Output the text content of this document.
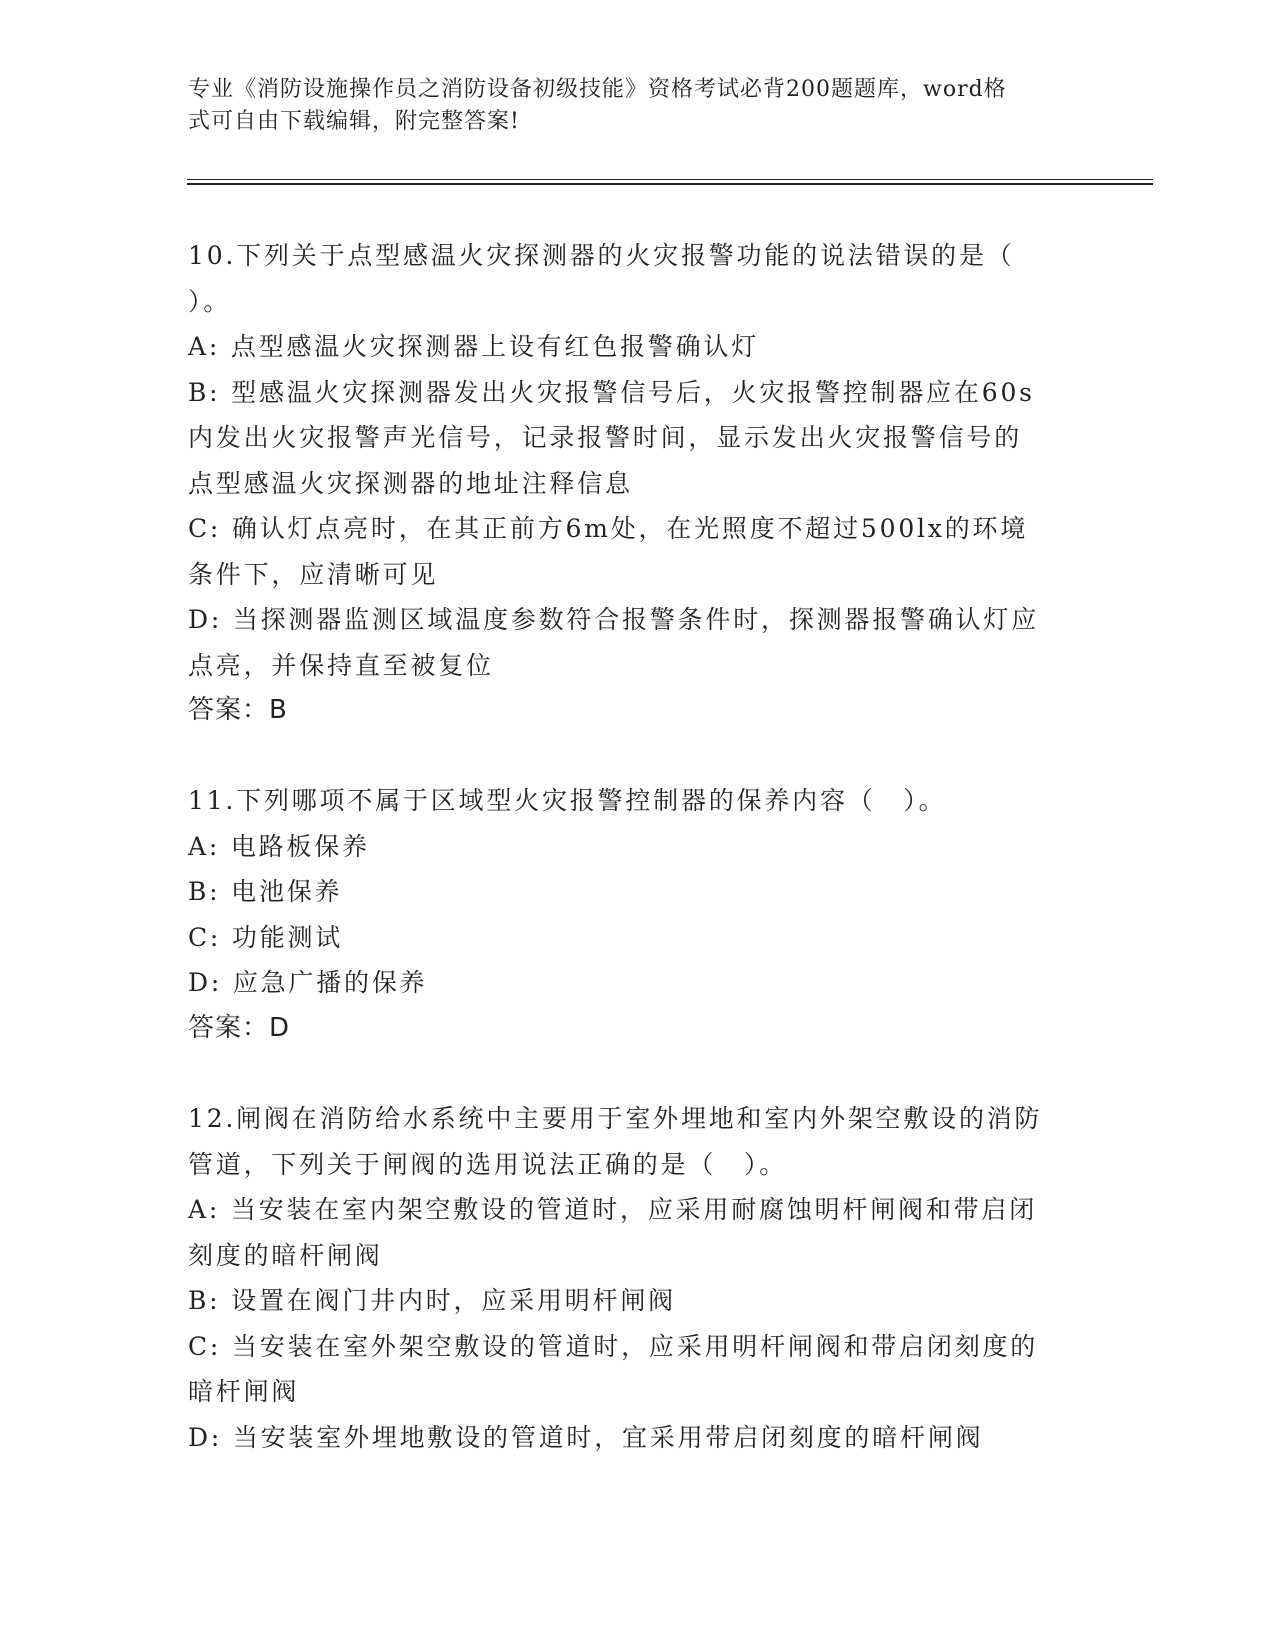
专业《消防设施操作员之消防设备初级技能》资格考试必背200题题库，word格
式可自由下载编辑，附完整答案!

10.下列关于点型感温火灾探测器的火灾报警功能的说法错误的是（

）。

A: 点型感温火灾探测器上设有红色报警确认灯

B: 型感温火灾探测器发出火灾报警信号后，火灾报警控制器应在60s

内发出火灾报警声光信号，记录报警时间，显示发出火灾报警信号的

点型感温火灾探测器的地址注释信息

C: 确认灯点亮时，在其正前方6m处，在光照度不超过500lx的环境

条件下，应清晰可见

D: 当探测器监测区域温度参数符合报警条件时，探测器报警确认灯应

点亮，并保持直至被复位

答案：B

11.下列哪项不属于区域型火灾报警控制器的保养内容（　）。

A: 电路板保养

B: 电池保养

C: 功能测试

D: 应急广播的保养

答案：D

12.闸阀在消防给水系统中主要用于室外埋地和室内外架空敷设的消防

管道，下列关于闸阀的选用说法正确的是（　）。

A: 当安装在室内架空敷设的管道时，应采用耐腐蚀明杆闸阀和带启闭

刻度的暗杆闸阀

B: 设置在阀门井内时，应采用明杆闸阀

C: 当安装在室外架空敷设的管道时，应采用明杆闸阀和带启闭刻度的

暗杆闸阀

D: 当安装室外埋地敷设的管道时，宜采用带启闭刻度的暗杆闸阀
